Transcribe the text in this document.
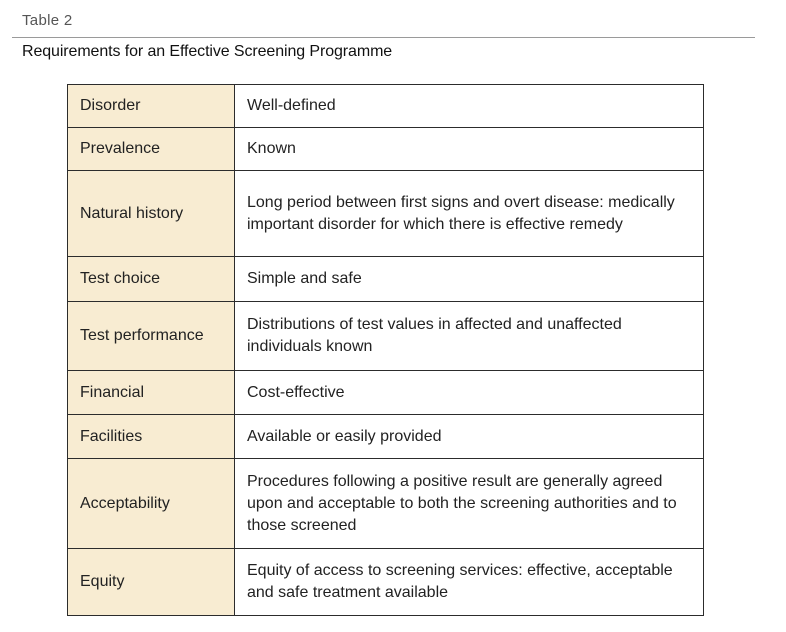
Table 2
Requirements for an Effective Screening Programme
Disorder	Well-defined
Prevalence	Known
Natural history	Long period between first signs and overt disease: medically important disorder for which there is effective remedy
Test choice	Simple and safe
Test performance	Distributions of test values in affected and unaffected individuals known
Financial	Cost-effective
Facilities	Available or easily provided
Acceptability	Procedures following a positive result are generally agreed upon and acceptable to both the screening authorities and to those screened
Equity	Equity of access to screening services: effective, acceptable and safe treatment available
